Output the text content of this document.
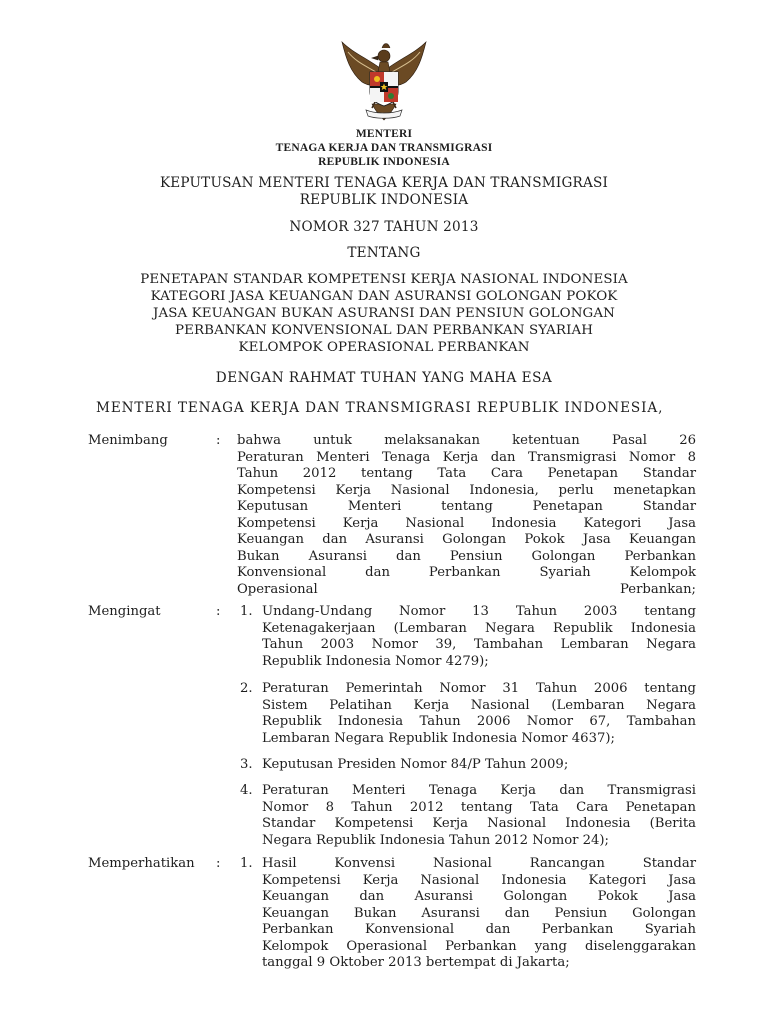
MENTERI
TENAGA KERJA DAN TRANSMIGRASI
REPUBLIK INDONESIA
KEPUTUSAN MENTERI TENAGA KERJA DAN TRANSMIGRASI
REPUBLIK INDONESIA
NOMOR 327 TAHUN 2013
TENTANG
PENETAPAN STANDAR KOMPETENSI KERJA NASIONAL INDONESIA
KATEGORI JASA KEUANGAN DAN ASURANSI GOLONGAN POKOK
JASA KEUANGAN BUKAN ASURANSI DAN PENSIUN GOLONGAN
PERBANKAN KONVENSIONAL DAN PERBANKAN SYARIAH
KELOMPOK OPERASIONAL PERBANKAN
DENGAN RAHMAT TUHAN YANG MAHA ESA
MENTERI TENAGA KERJA DAN TRANSMIGRASI REPUBLIK INDONESIA,
Menimbang	: bahwa untuk melaksanakan ketentuan Pasal 26
Peraturan Menteri Tenaga Kerja dan Transmigrasi Nomor 8
Tahun 2012 tentang Tata Cara Penetapan Standar
Kompetensi Kerja Nasional Indonesia, perlu menetapkan
Keputusan Menteri tentang Penetapan Standar
Kompetensi Kerja Nasional Indonesia Kategori Jasa
Keuangan dan Asuransi Golongan Pokok Jasa Keuangan
Bukan Asuransi dan Pensiun Golongan Perbankan
Konvensional dan Perbankan Syariah Kelompok
Operasional Perbankan;
Mengingat	: 1. Undang-Undang Nomor 13 Tahun 2003 tentang
Ketenagakerjaan (Lembaran Negara Republik Indonesia
Tahun 2003 Nomor 39, Tambahan Lembaran Negara
Republik Indonesia Nomor 4279);
2. Peraturan Pemerintah Nomor 31 Tahun 2006 tentang
Sistem Pelatihan Kerja Nasional (Lembaran Negara
Republik Indonesia Tahun 2006 Nomor 67, Tambahan
Lembaran Negara Republik Indonesia Nomor 4637);
3. Keputusan Presiden Nomor 84/P Tahun 2009;
4. Peraturan Menteri Tenaga Kerja dan Transmigrasi
Nomor 8 Tahun 2012 tentang Tata Cara Penetapan
Standar Kompetensi Kerja Nasional Indonesia (Berita
Negara Republik Indonesia Tahun 2012 Nomor 24);
Memperhatikan : 1. Hasil Konvensi Nasional Rancangan Standar
Kompetensi Kerja Nasional Indonesia Kategori Jasa
Keuangan dan Asuransi Golongan Pokok Jasa
Keuangan Bukan Asuransi dan Pensiun Golongan
Perbankan Konvensional dan Perbankan Syariah
Kelompok Operasional Perbankan yang diselenggarakan
tanggal 9 Oktober 2013 bertempat di Jakarta;
